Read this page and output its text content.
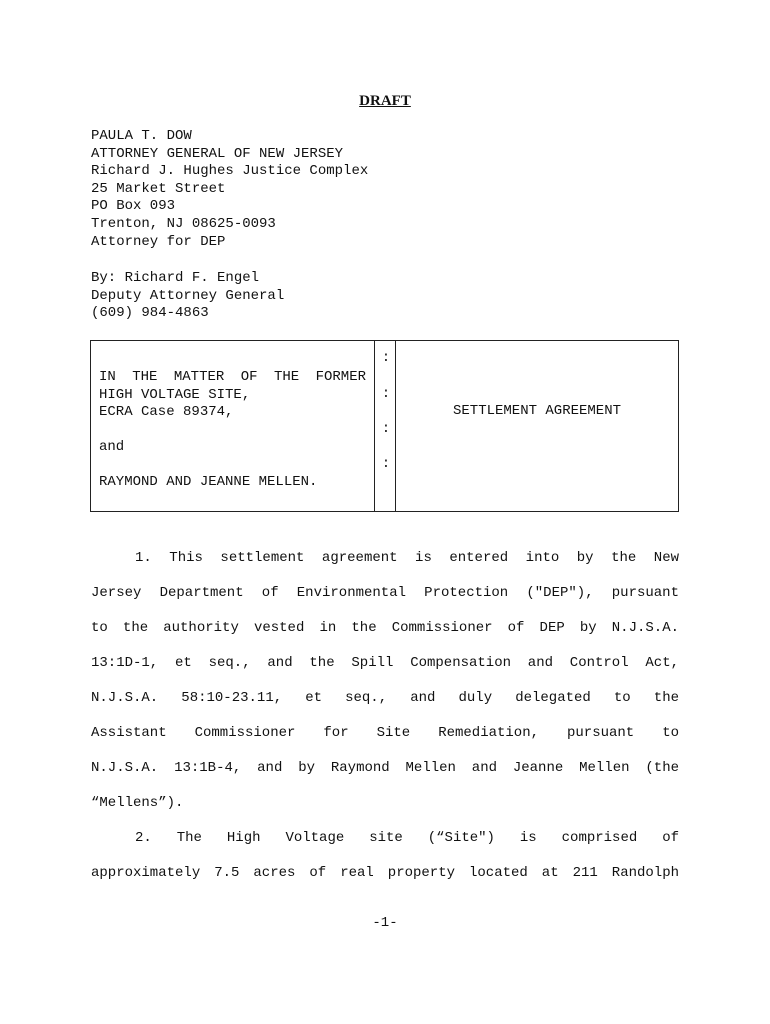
DRAFT
PAULA T. DOW
ATTORNEY GENERAL OF NEW JERSEY
Richard J. Hughes Justice Complex
25 Market Street
PO Box 093
Trenton, NJ 08625-0093
Attorney for DEP
By: Richard F. Engel
Deputy Attorney General
(609) 984-4863
IN THE MATTER OF THE FORMER
HIGH VOLTAGE SITE,
ECRA Case 89374,
and
RAYMOND AND JEANNE MELLEN.
:
:
:
:
SETTLEMENT AGREEMENT
1. This settlement agreement is entered into by the New
Jersey Department of Environmental Protection ("DEP"), pursuant
to the authority vested in the Commissioner of DEP by N.J.S.A.
13:1D-1, et seq., and the Spill Compensation and Control Act,
N.J.S.A. 58:10-23.11, et seq., and duly delegated to the
Assistant Commissioner for Site Remediation, pursuant to
N.J.S.A. 13:1B-4, and by Raymond Mellen and Jeanne Mellen (the
“Mellens”).
2. The High Voltage site (“Site") is comprised of
approximately 7.5 acres of real property located at 211 Randolph
-1-
